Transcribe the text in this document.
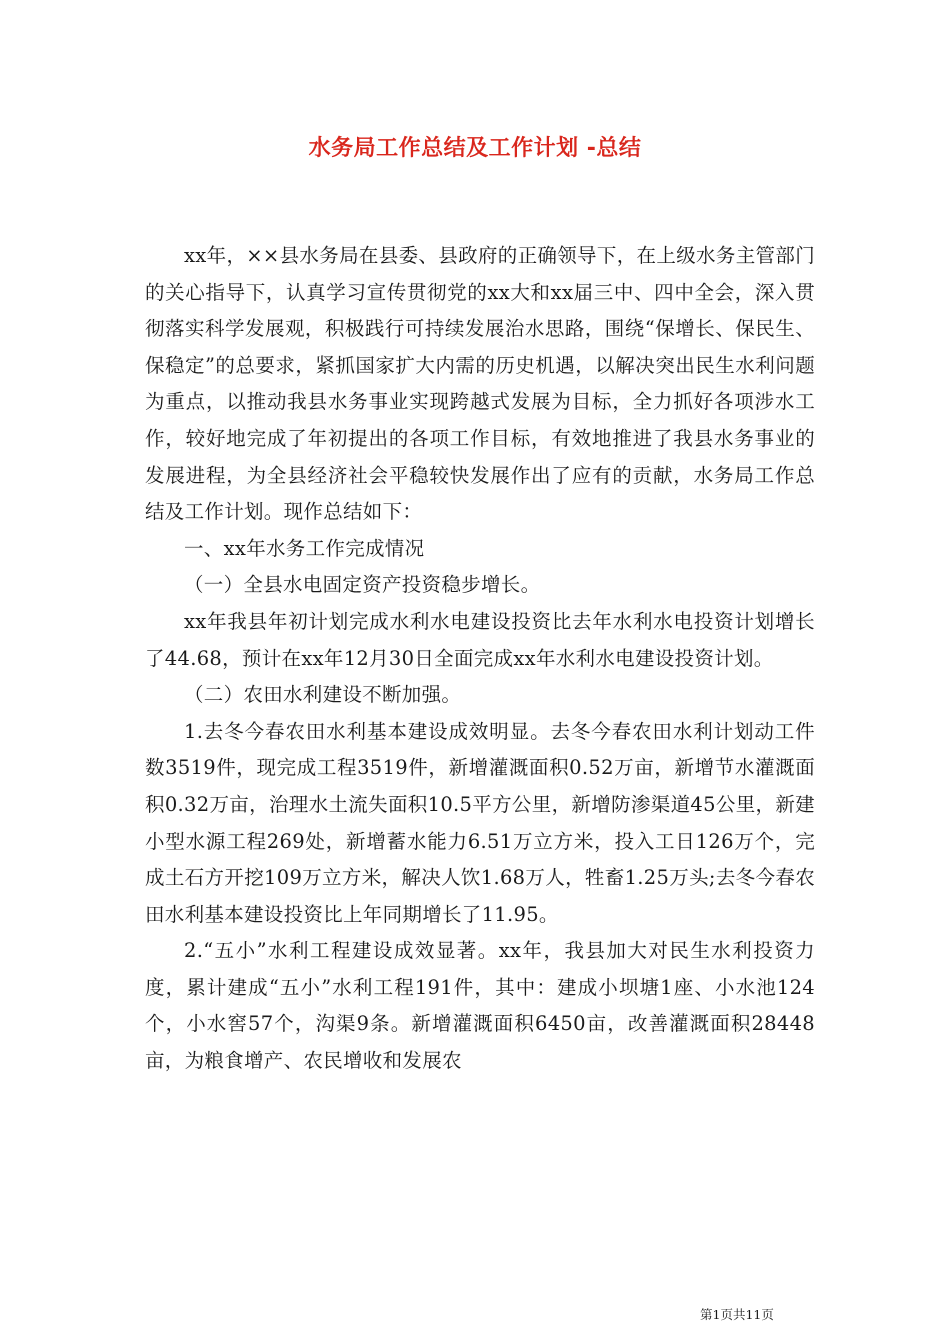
水务局工作总结及工作计划 -总结

xx年，××县水务局在县委、县政府的正确领导下，在上级水务主管部门的关心指导下，认真学习宣传贯彻党的xx大和xx届三中、四中全会，深入贯彻落实科学发展观，积极践行可持续发展治水思路，围绕“保增长、保民生、保稳定”的总要求，紧抓国家扩大内需的历史机遇，以解决突出民生水利问题为重点，以推动我县水务事业实现跨越式发展为目标，全力抓好各项涉水工作，较好地完成了年初提出的各项工作目标，有效地推进了我县水务事业的发展进程，为全县经济社会平稳较快发展作出了应有的贡献，水务局工作总结及工作计划。现作总结如下：

一、xx年水务工作完成情况

（一）全县水电固定资产投资稳步增长。

xx年我县年初计划完成水利水电建设投资比去年水利水电投资计划增长了44.68，预计在xx年12月30日全面完成xx年水利水电建设投资计划。

（二）农田水利建设不断加强。

1.去冬今春农田水利基本建设成效明显。去冬今春农田水利计划动工件数3519件，现完成工程3519件，新增灌溉面积0.52万亩，新增节水灌溉面积0.32万亩，治理水土流失面积10.5平方公里，新增防渗渠道45公里，新建小型水源工程269处，新增蓄水能力6.51万立方米，投入工日126万个，完成土石方开挖109万立方米，解决人饮1.68万人，牲畜1.25万头;去冬今春农田水利基本建设投资比上年同期增长了11.95。

2.“五小”水利工程建设成效显著。xx年，我县加大对民生水利投资力度，累计建成“五小”水利工程191件，其中：建成小坝塘1座、小水池124个，小水窖57个，沟渠9条。新增灌溉面积6450亩，改善灌溉面积28448亩，为粮食增产、农民增收和发展农

第1页共11页
